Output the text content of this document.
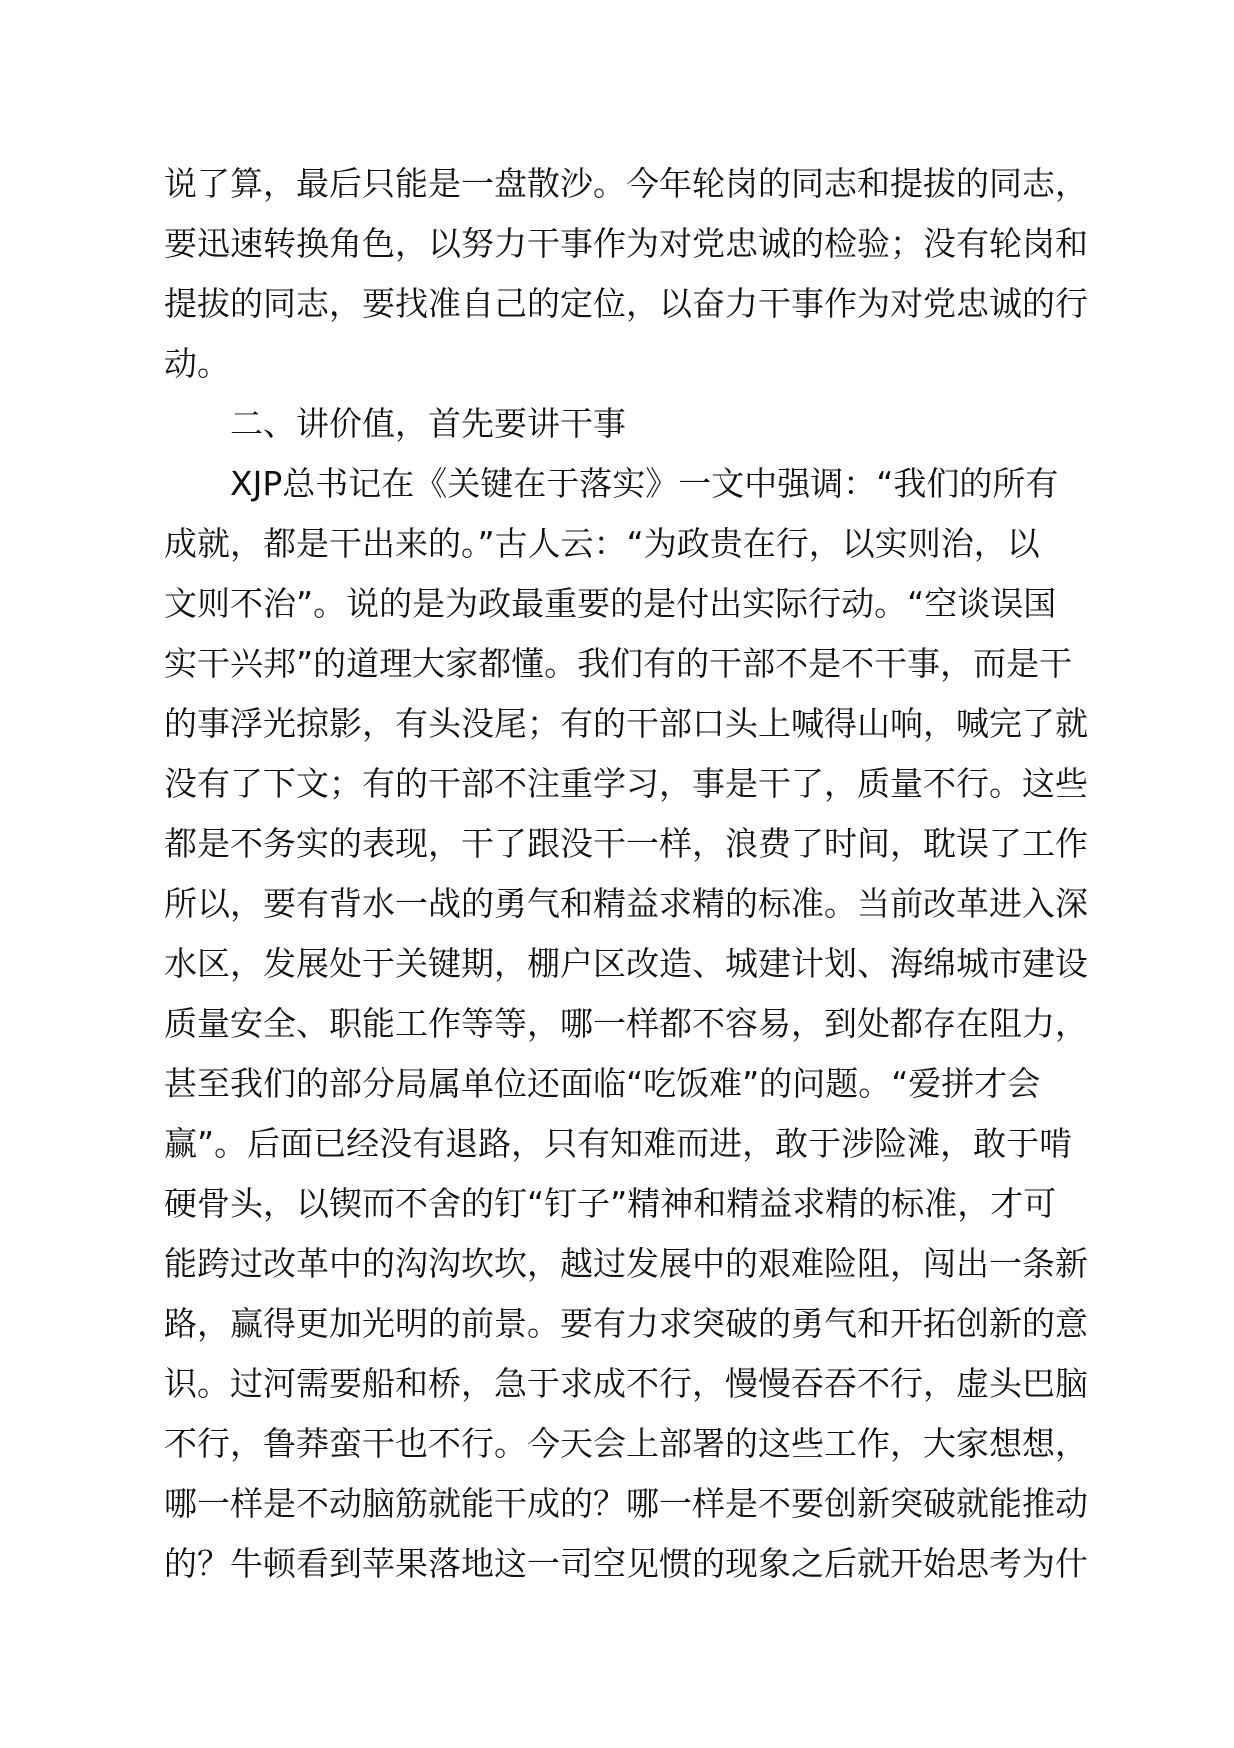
说了算，最后只能是一盘散沙。今年轮岗的同志和提拔的同志，
要迅速转换角色，以努力干事作为对党忠诚的检验；没有轮岗和
提拔的同志，要找准自己的定位，以奋力干事作为对党忠诚的行
动。
二、讲价值，首先要讲干事
XJP总书记在《关键在于落实》一文中强调：“我们的所有
成就，都是干出来的。”古人云：“为政贵在行，以实则治，以
文则不治”。说的是为政最重要的是付出实际行动。“空谈误国
实干兴邦”的道理大家都懂。我们有的干部不是不干事，而是干
的事浮光掠影，有头没尾；有的干部口头上喊得山响，喊完了就
没有了下文；有的干部不注重学习，事是干了，质量不行。这些
都是不务实的表现，干了跟没干一样，浪费了时间，耽误了工作
所以，要有背水一战的勇气和精益求精的标准。当前改革进入深
水区，发展处于关键期，棚户区改造、城建计划、海绵城市建设
质量安全、职能工作等等，哪一样都不容易，到处都存在阻力，
甚至我们的部分局属单位还面临“吃饭难”的问题。“爱拼才会
赢”。后面已经没有退路，只有知难而进，敢于涉险滩，敢于啃
硬骨头，以锲而不舍的钉“钉子”精神和精益求精的标准，才可
能跨过改革中的沟沟坎坎，越过发展中的艰难险阻，闯出一条新
路，赢得更加光明的前景。要有力求突破的勇气和开拓创新的意
识。过河需要船和桥，急于求成不行，慢慢吞吞不行，虚头巴脑
不行，鲁莽蛮干也不行。今天会上部署的这些工作，大家想想，
哪一样是不动脑筋就能干成的？哪一样是不要创新突破就能推动
的？牛顿看到苹果落地这一司空见惯的现象之后就开始思考为什
